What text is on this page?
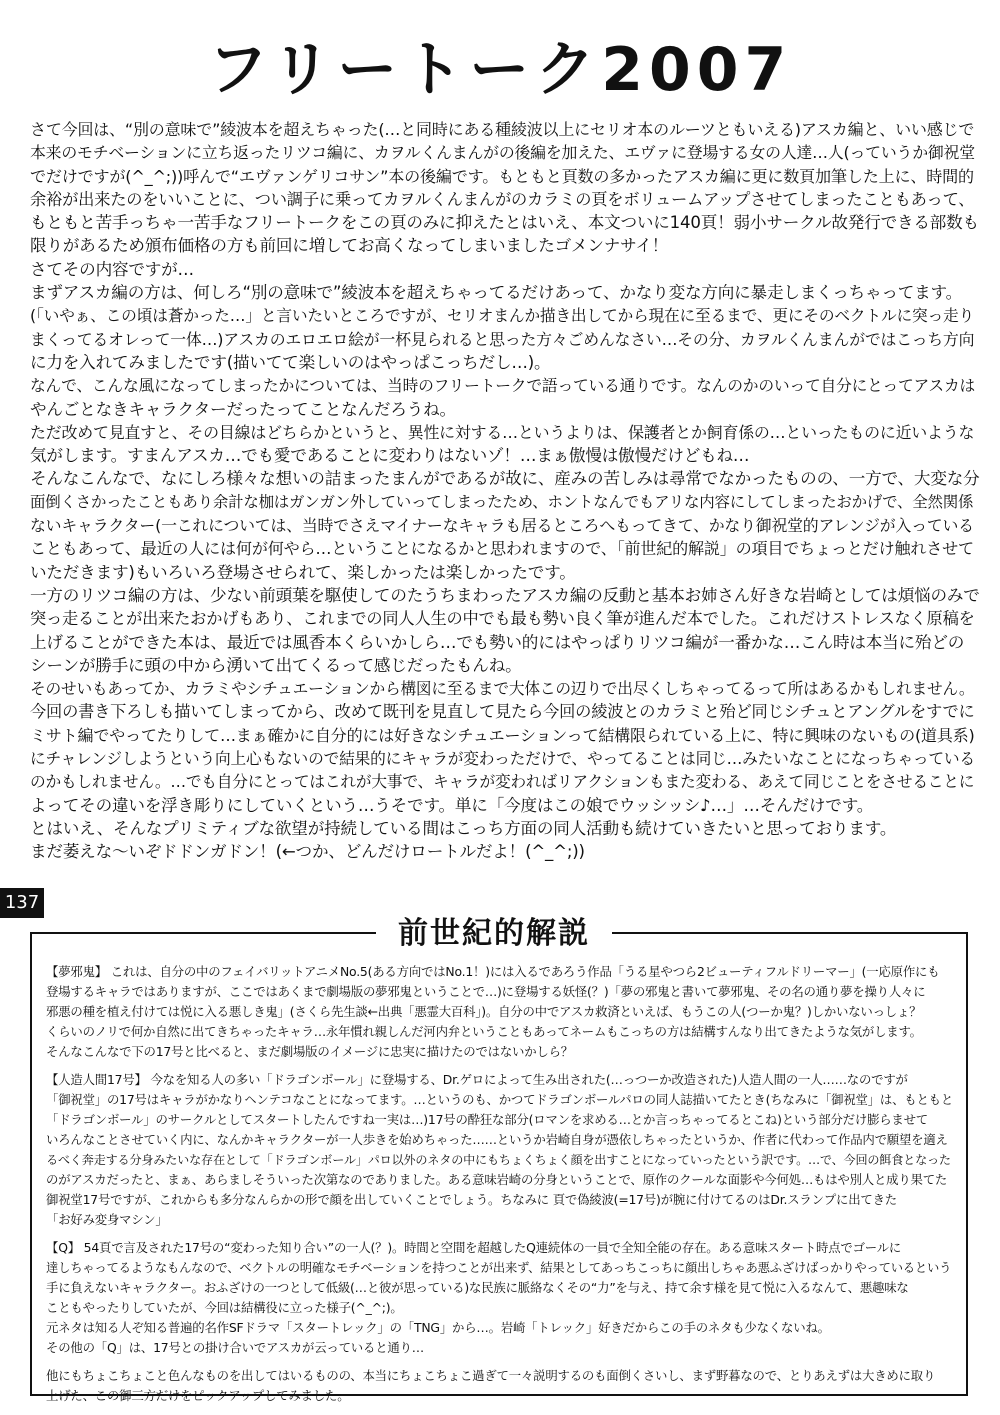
フリートーク2007

さて今回は、“別の意味で”綾波本を超えちゃった(…と同時にある種綾波以上にセリオ本のルーツともいえる)アスカ編と、いい感じで

本来のモチベーションに立ち返ったリツコ編に、カヲルくんまんがの後編を加えた、エヴァに登場する女の人達…人(っていうか御祝堂

でだけですが(^_^;))呼んで“エヴァンゲリコサン”本の後編です。もともと頁数の多かったアスカ編に更に数頁加筆した上に、時間的

余裕が出来たのをいいことに、つい調子に乗ってカヲルくんまんがのカラミの頁をボリュームアップさせてしまったこともあって、

もともと苦手っちゃ一苦手なフリートークをこの頁のみに抑えたとはいえ、本文ついに140頁！弱小サークル故発行できる部数も

限りがあるため頒布価格の方も前回に増してお高くなってしまいましたゴメンナサイ！

さてその内容ですが…

まずアスカ編の方は、何しろ“別の意味で”綾波本を超えちゃってるだけあって、かなり変な方向に暴走しまくっちゃってます。

(「いやぁ、この頃は蒼かった…」と言いたいところですが、セリオまんか描き出してから現在に至るまで、更にそのベクトルに突っ走り

まくってるオレって一体…)アスカのエロエロ絵が一杯見られると思った方々ごめんなさい…その分、カヲルくんまんがではこっち方向

に力を入れてみましたです(描いてて楽しいのはやっぱこっちだし…)。

なんで、こんな風になってしまったかについては、当時のフリートークで語っている通りです。なんのかのいって自分にとってアスカは

やんごとなきキャラクターだったってことなんだろうね。

ただ改めて見直すと、その目線はどちらかというと、異性に対する…というよりは、保護者とか飼育係の…といったものに近いような

気がします。すまんアスカ…でも愛であることに変わりはないゾ！…まぁ傲慢は傲慢だけどもね…

そんなこんなで、なにしろ様々な想いの詰まったまんがであるが故に、産みの苦しみは尋常でなかったものの、一方で、大変な分

面倒くさかったこともあり余計な枷はガンガン外していってしまったため、ホントなんでもアリな内容にしてしまったおかげで、全然関係

ないキャラクター(一これについては、当時でさえマイナーなキャラも居るところへもってきて、かなり御祝堂的アレンジが入っている

こともあって、最近の人には何が何やら…ということになるかと思われますので、「前世紀的解説」の項目でちょっとだけ触れさせて

いただきます)もいろいろ登場させられて、楽しかったは楽しかったです。

一方のリツコ編の方は、少ない前頭葉を駆使してのたうちまわったアスカ編の反動と基本お姉さん好きな岩崎としては煩悩のみで

突っ走ることが出来たおかげもあり、これまでの同人人生の中でも最も勢い良く筆が進んだ本でした。これだけストレスなく原稿を

上げることができた本は、最近では風香本くらいかしら…でも勢い的にはやっぱりリツコ編が一番かな…こん時は本当に殆どの

シーンが勝手に頭の中から湧いて出てくるって感じだったもんね。

そのせいもあってか、カラミやシチュエーションから構図に至るまで大体この辺りで出尽くしちゃってるって所はあるかもしれません。

今回の書き下ろしも描いてしまってから、改めて既刊を見直して見たら今回の綾波とのカラミと殆ど同じシチュとアングルをすでに

ミサト編でやってたりして…まぁ確かに自分的には好きなシチュエーションって結構限られている上に、特に興味のないもの(道具系)

にチャレンジしようという向上心もないので結果的にキャラが変わっただけで、やってることは同じ…みたいなことになっちゃっている

のかもしれません。…でも自分にとってはこれが大事で、キャラが変わればリアクションもまた変わる、あえて同じことをさせることに

よってその違いを浮き彫りにしていくという…うそです。単に「今度はこの娘でウッシッシ♪…」…そんだけです。

とはいえ、そんなプリミティブな欲望が持続している間はこっち方面の同人活動も続けていきたいと思っております。

まだ萎えな〜いぞドドンガドン！(←つか、どんだけロートルだよ！(^_^;))

137
前世紀的解説

【夢邪鬼】 これは、自分の中のフェイバリットアニメNo.5(ある方向ではNo.1！)には入るであろう作品「うる星やつら2ビューティフルドリーマー」(一応原作にも

登場するキャラではありますが、ここではあくまで劇場版の夢邪鬼ということで…)に登場する妖怪(？)「夢の邪鬼と書いて夢邪鬼、その名の通り夢を操り人々に

邪悪の種を植え付けては悦に入る悪しき鬼」(さくら先生談←出典「悪霊大百科」)。自分の中でアスカ救済といえば、もうこの人(つーか鬼？)しかいないっしょ？

くらいのノリで何か自然に出てきちゃったキャラ…永年慣れ親しんだ河内弁ということもあってネームもこっちの方は結構すんなり出てきたような気がします。

そんなこんなで下の17号と比べると、まだ劇場版のイメージに忠実に描けたのではないかしら？

【人造人間17号】 今なを知る人の多い「ドラゴンボール」に登場する、Dr.ゲロによって生み出された(…っつーか改造された)人造人間の一人……なのですが

「御祝堂」の17号はキャラがかなりヘンテコなことになってます。…というのも、かつてドラゴンボールパロの同人誌描いてたとき(ちなみに「御祝堂」は、もともと

「ドラゴンボール」のサークルとしてスタートしたんですね一実は…)17号の酔狂な部分(ロマンを求める…とか言っちゃってるとこね)という部分だけ膨らませて

いろんなことさせていく内に、なんかキャラクターが一人歩きを始めちゃった……というか岩崎自身が憑依しちゃったというか、作者に代わって作品内で願望を適え

るべく奔走する分身みたいな存在として「ドラゴンボール」パロ以外のネタの中にもちょくちょく顔を出すことになっていったという訳です。…で、今回の餌食となった

のがアスカだったと、まぁ、あらましそういった次第なのでありました。ある意味岩崎の分身ということで、原作のクールな面影や今何処…もはや別人と成り果てた

御祝堂17号ですが、これからも多分なんらかの形で顔を出していくことでしょう。ちなみに 頁で偽綾波(=17号)が腕に付けてるのはDr.スランプに出てきた

「お好み変身マシン」

【Q】 54頁で言及された17号の“変わった知り合い”の一人(？)。時間と空間を超越したQ連続体の一員で全知全能の存在。ある意味スタート時点でゴールに

達しちゃってるようなもんなので、ベクトルの明確なモチベーションを持つことが出来ず、結果としてあっちこっちに顔出しちゃあ悪ふざけばっかりやっているという

手に負えないキャラクター。おふざけの一つとして低級(…と彼が思っている)な民族に脈絡なくその“力”を与え、持て余す様を見て悦に入るなんて、悪趣味な

こともやったりしていたが、今回は結構役に立った様子(^_^;)。

元ネタは知る人ぞ知る普遍的名作SFドラマ「スタートレック」の「TNG」から…。岩崎「トレック」好きだからこの手のネタも少なくないね。

その他の「Q」は、17号との掛け合いでアスカが云っていると通り…

他にもちょこちょこと色んなものを出してはいるものの、本当にちょこちょこ過ぎて一々説明するのも面倒くさいし、まず野暮なので、とりあえずは大きめに取り

上げた、この御三方だけをピックアップしてみました。
